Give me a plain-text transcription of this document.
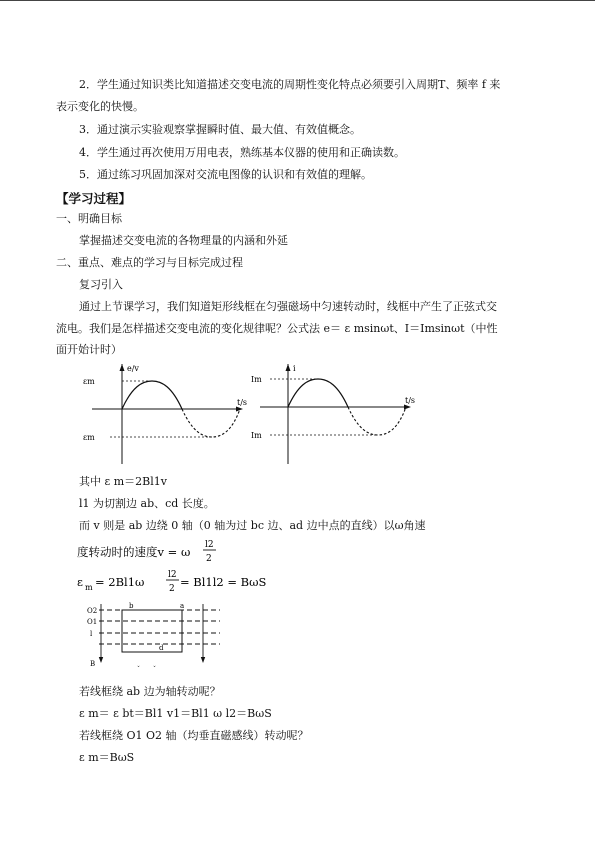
2．学生通过知识类比知道描述交变电流的周期性变化特点必须要引入周期T、频率 f 来
表示变化的快慢。
3．通过演示实验观察掌握瞬时值、最大值、有效值概念。
4．学生通过再次使用万用电表，熟练基本仪器的使用和正确读数。
5．通过练习巩固加深对交流电图像的认识和有效值的理解。
【学习过程】
一、明确目标
掌握描述交变电流的各物理量的内涵和外延
二、重点、难点的学习与目标完成过程
复习引入
通过上节课学习，我们知道矩形线框在匀强磁场中匀速转动时，线框中产生了正弦式交
流电。我们是怎样描述交变电流的变化规律呢？公式法 e＝ ε msinωt、I＝Imsinωt（中性
面开始计时）
e/v
t/s
εm
εm
i
t/s
Im
Im
其中 ε m＝2Bl1v
l1 为切割边 ab、cd 长度。
而 v 则是 ab 边绕 0 轴（0 轴为过 bc 边、ad 边中点的直线）以ω角速
度转动时的速度v = ω l2
2
ε m = 2Bl1ω	l2
2 = Bl1l2 = BωS
O2
O1
l
B
b	a
d
ˇ ˇ
若线框绕 ab 边为轴转动呢？
ε m＝ ε bt＝Bl1 v1＝Bl1 ω l2＝BωS
若线框绕 O1 O2 轴（均垂直磁感线）转动呢？
ε m＝BωS
